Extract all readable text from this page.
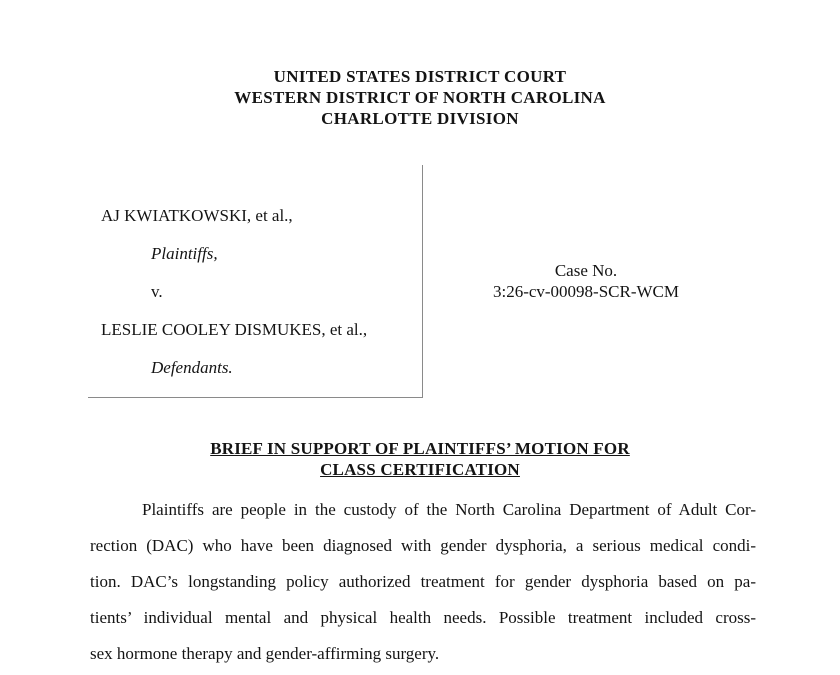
UNITED STATES DISTRICT COURT
WESTERN DISTRICT OF NORTH CAROLINA
CHARLOTTE DIVISION
AJ KWIATKOWSKI, et al.,
Plaintiffs,
v.
LESLIE COOLEY DISMUKES, et al.,
Defendants.
Case No.
3:26-cv-00098-SCR-WCM
BRIEF IN SUPPORT OF PLAINTIFFS’ MOTION FOR
CLASS CERTIFICATION
Plaintiffs are people in the custody of the North Carolina Department of Adult Cor-
rection (DAC) who have been diagnosed with gender dysphoria, a serious medical condi-
tion. DAC’s longstanding policy authorized treatment for gender dysphoria based on pa-
tients’ individual mental and physical health needs. Possible treatment included cross-
sex hormone therapy and gender-affirming surgery.
